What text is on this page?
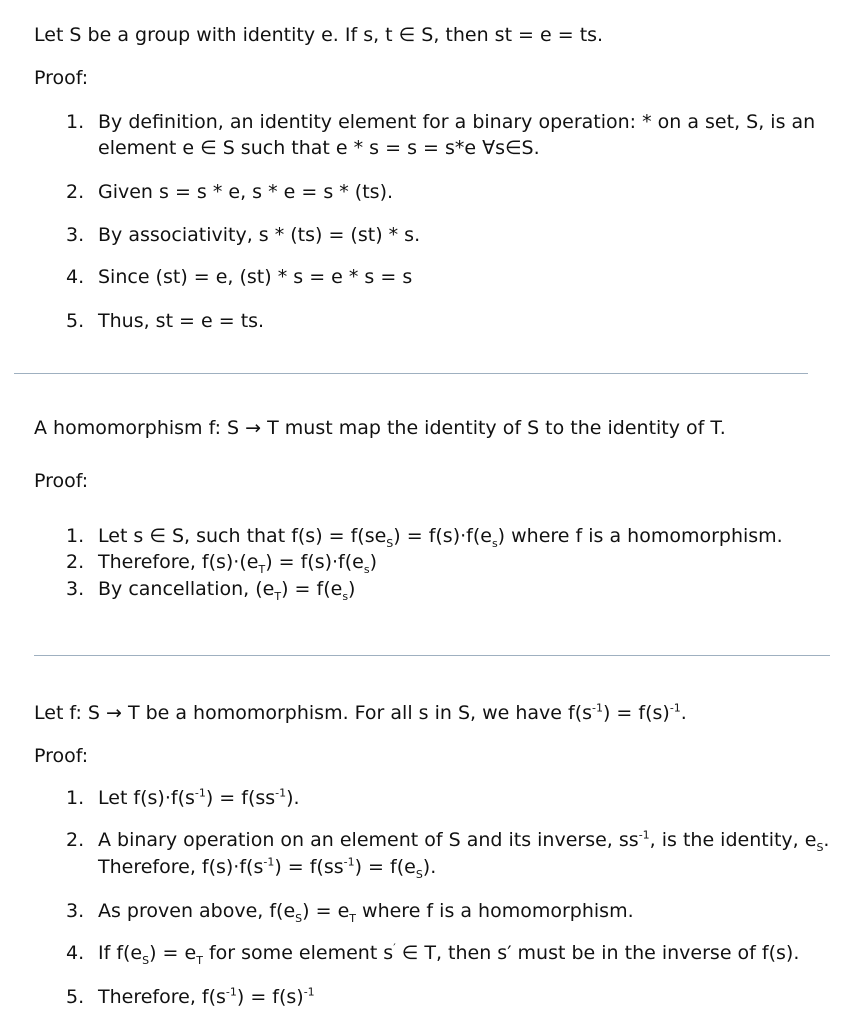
Let S be a group with identity e. If s, t ∈ S, then st = e = ts.
Proof:
1. By definition, an identity element for a binary operation: * on a set, S, is an
element e ∈ S such that e * s = s = s*e ∀s∈S.
2. Given s = s * e, s * e = s * (ts).
3. By associativity, s * (ts) = (st) * s.
4. Since (st) = e, (st) * s = e * s = s
5. Thus, st = e = ts.
A homomorphism f: S → T must map the identity of S to the identity of T.
Proof:
1. Let s ∈ S, such that $f(s) = f(se_S) = f(s)\cdot f(e_s)$ where f is a homomorphism.
2. Therefore, $f(s)\cdot(e_T) = f(s)\cdot f(e_s)$
3. By cancellation, $(e_T) = f(e_s)$
Let f: S → T be a homomorphism. For all s in S, we have $f(s^{-1}) = f(s)^{-1}$.
Proof:
1. Let $f(s)\cdot f(s^{-1}) = f(ss^{-1})$.
2. A binary operation on an element of S and its inverse, $ss^{-1}$, is the identity, $e_S$.
Therefore, $f(s)\cdot f(s^{-1}) = f(ss^{-1}) = f(e_S)$.
3. As proven above, $f(e_S) = e_T$ where f is a homomorphism.
4. If $f(e_S) = e_T$ for some element s′ ∈ T, then s′ must be in the inverse of f(s).
5. Therefore, $f(s^{-1}) = f(s)^{-1}$
